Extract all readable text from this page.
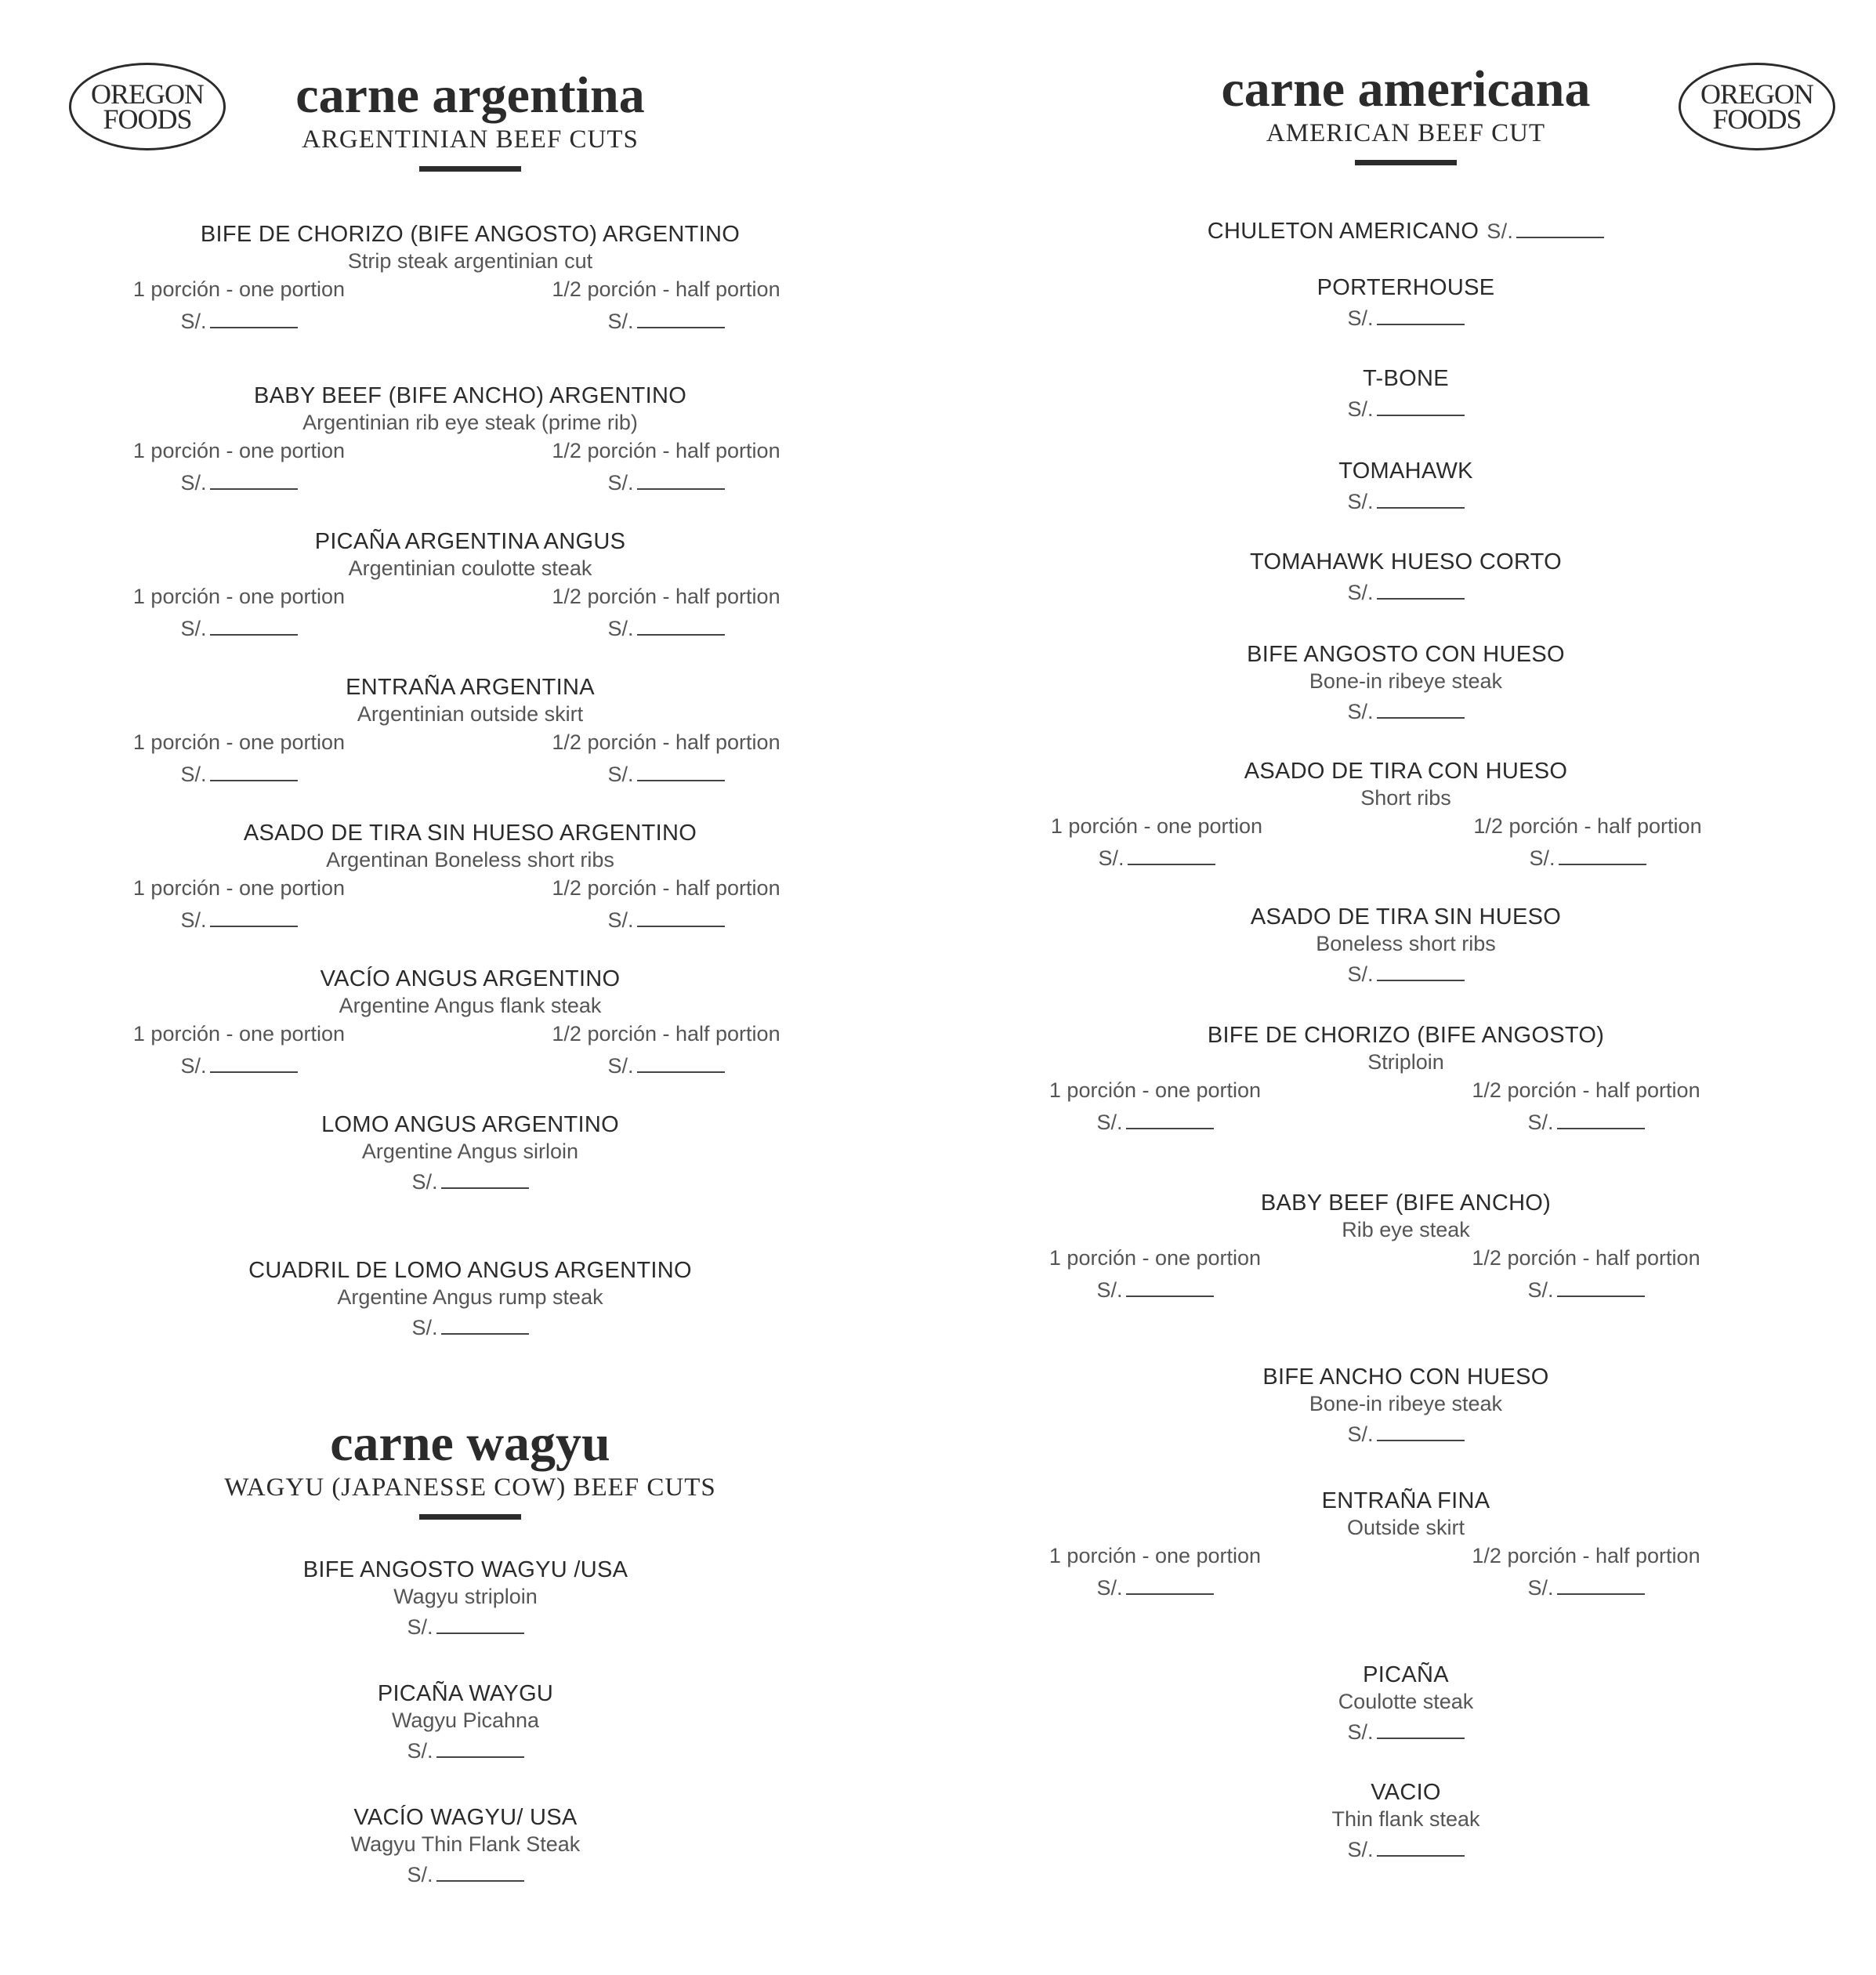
OREGON
FOODS	carne argentina
ARGENTINIAN BEEF CUTS
BIFE DE CHORIZO (BIFE ANGOSTO) ARGENTINO
Strip steak argentinian cut
1 porción - one portion
S/.
1/2 porción - half portion
S/.
BABY BEEF (BIFE ANCHO) ARGENTINO
Argentinian rib eye steak (prime rib)
1 porción - one portion
S/.
1/2 porción - half portion
S/.
PICAÑA ARGENTINA ANGUS
Argentinian coulotte steak
1 porción - one portion
S/.
1/2 porción - half portion
S/.
ENTRAÑA ARGENTINA
Argentinian outside skirt
1 porción - one portion
S/.
1/2 porción - half portion
S/.
ASADO DE TIRA SIN HUESO ARGENTINO
Argentinan Boneless short ribs
1 porción - one portion
S/.
1/2 porción - half portion
S/.
VACÍO ANGUS ARGENTINO
Argentine Angus flank steak
1 porción - one portion
S/.
1/2 porción - half portion
S/.
LOMO ANGUS ARGENTINO
Argentine Angus sirloin
S/.
CUADRIL DE LOMO ANGUS ARGENTINO
Argentine Angus rump steak
S/.
carne wagyu
WAGYU (JAPANESSE COW) BEEF CUTS
BIFE ANGOSTO WAGYU /USA
Wagyu striploin
S/.
PICAÑA WAYGU
Wagyu Picahna
S/.
VACÍO WAGYU/ USA
Wagyu Thin Flank Steak
S/.
OREGON
FOODS
carne americana
AMERICAN BEEF CUT
CHULETON AMERICANO S/.
PORTERHOUSE
S/.
T-BONE
S/.
TOMAHAWK
S/.
TOMAHAWK HUESO CORTO
S/.
BIFE ANGOSTO CON HUESO
Bone-in ribeye steak
S/.
ASADO DE TIRA CON HUESO
Short ribs
1 porción - one portion
S/.
1/2 porción - half portion
S/.
ASADO DE TIRA SIN HUESO
Boneless short ribs
S/.
BIFE DE CHORIZO (BIFE ANGOSTO)
Striploin
1 porción - one portion
S/.
1/2 porción - half portion
S/.
BABY BEEF (BIFE ANCHO)
Rib eye steak
1 porción - one portion
S/.
1/2 porción - half portion
S/.
BIFE ANCHO CON HUESO
Bone-in ribeye steak
S/.
ENTRAÑA FINA
Outside skirt
1 porción - one portion
S/.
1/2 porción - half portion
S/.
PICAÑA
Coulotte steak
S/.
VACIO
Thin flank steak
S/.
